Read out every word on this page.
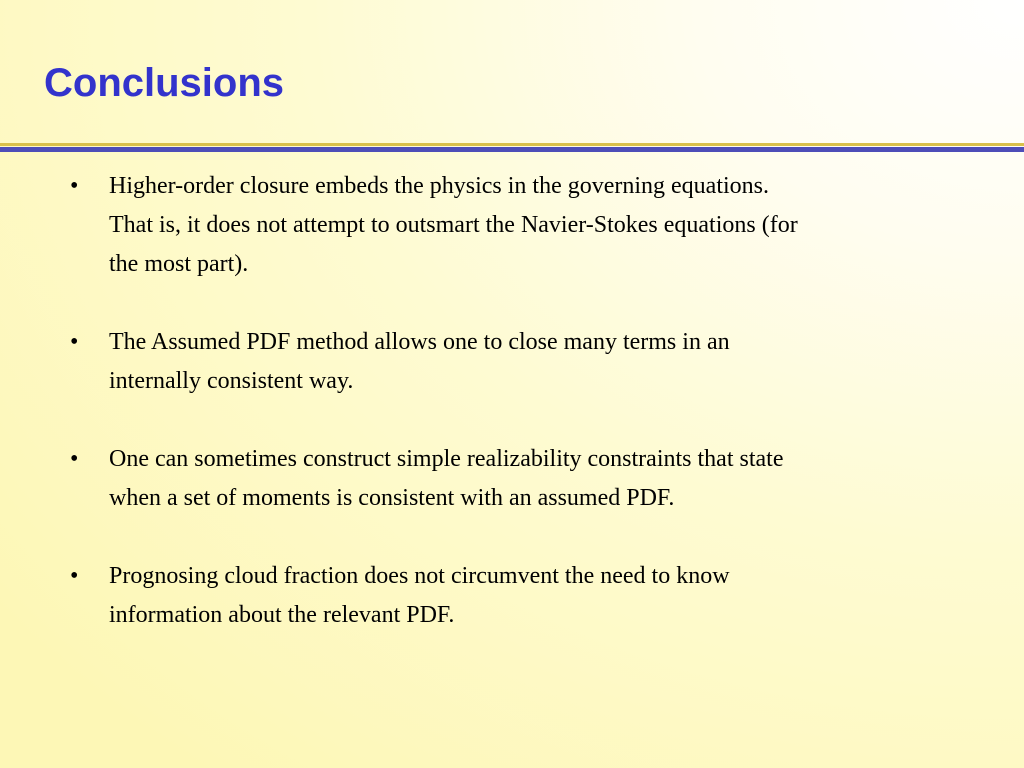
Conclusions
• Higher-order closure embeds the physics in the governing equations.
That is, it does not attempt to outsmart the Navier-Stokes equations (for
the most part).
• The Assumed PDF method allows one to close many terms in an
internally consistent way.
• One can sometimes construct simple realizability constraints that state
when a set of moments is consistent with an assumed PDF.
• Prognosing cloud fraction does not circumvent the need to know
information about the relevant PDF.
